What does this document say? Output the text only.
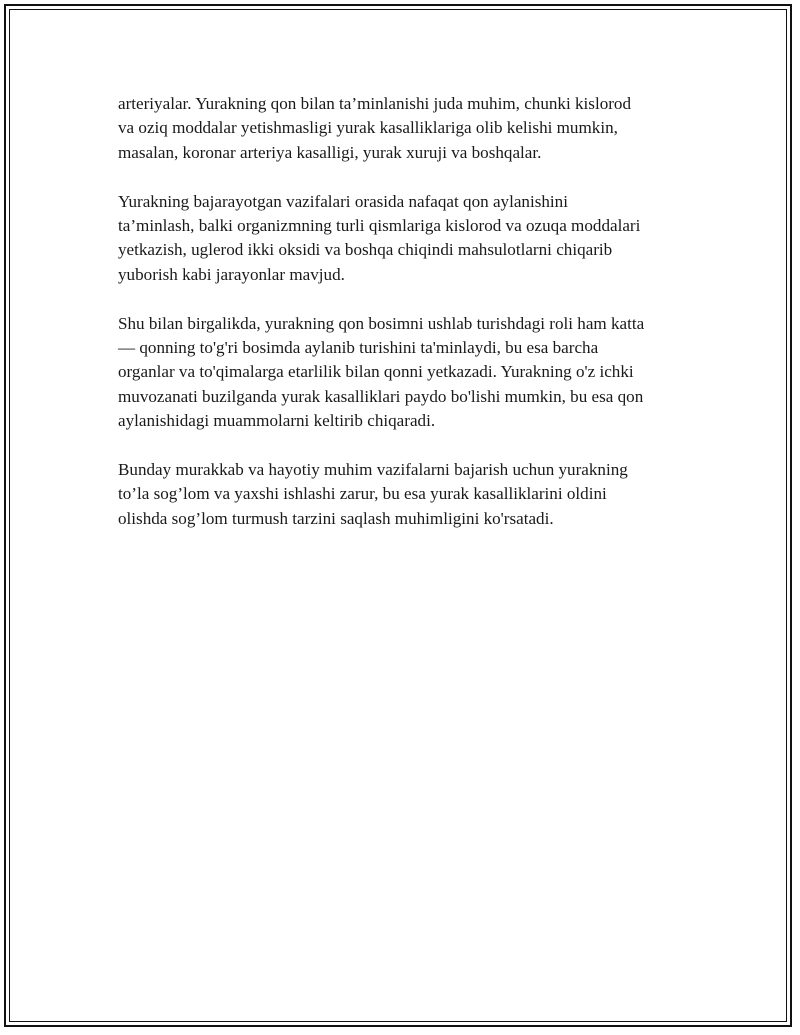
arteriyalar. Yurakning qon bilan ta’minlanishi juda muhim, chunki kislorod
va oziq moddalar yetishmasligi yurak kasalliklariga olib kelishi mumkin,
masalan, koronar arteriya kasalligi, yurak xuruji va boshqalar.

Yurakning bajarayotgan vazifalari orasida nafaqat qon aylanishini
ta’minlash, balki organizmning turli qismlariga kislorod va ozuqa moddalari
yetkazish, uglerod ikki oksidi va boshqa chiqindi mahsulotlarni chiqarib
yuborish kabi jarayonlar mavjud.

Shu bilan birgalikda, yurakning qon bosimni ushlab turishdagi roli ham katta
— qonning to'g'ri bosimda aylanib turishini ta'minlaydi, bu esa barcha
organlar va to'qimalarga etarlilik bilan qonni yetkazadi. Yurakning o'z ichki
muvozanati buzilganda yurak kasalliklari paydo bo'lishi mumkin, bu esa qon
aylanishidagi muammolarni keltirib chiqaradi.

Bunday murakkab va hayotiy muhim vazifalarni bajarish uchun yurakning
to’la sog’lom va yaxshi ishlashi zarur, bu esa yurak kasalliklarini oldini
olishda sog’lom turmush tarzini saqlash muhimligini ko'rsatadi.
